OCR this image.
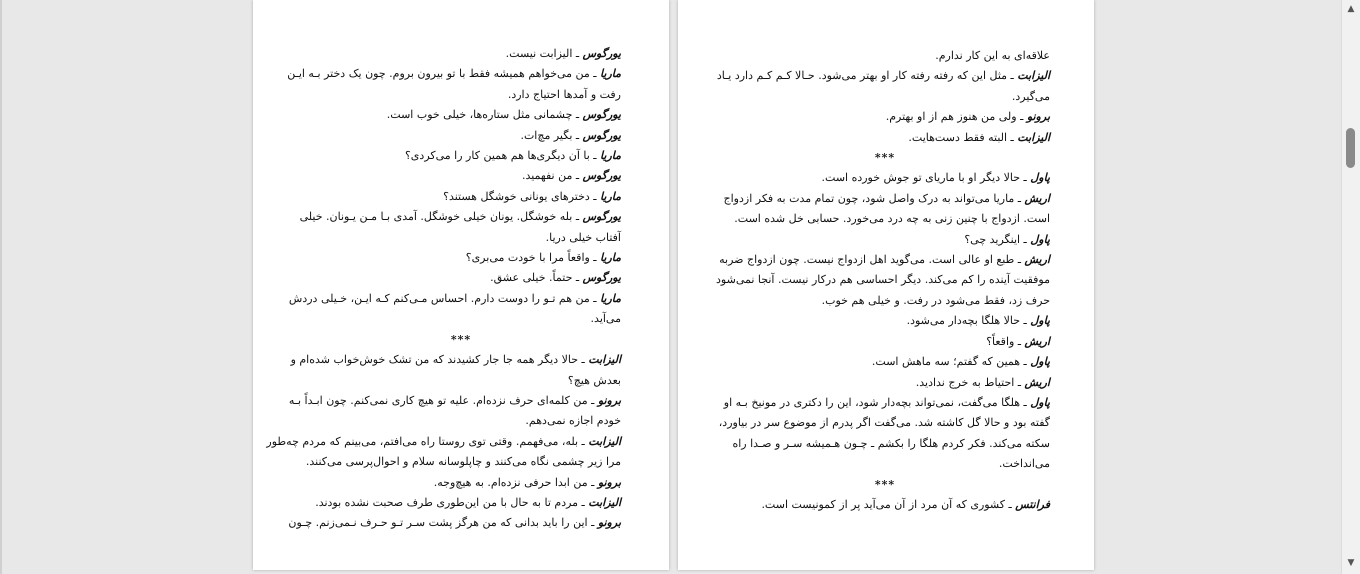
یورگوس ـ الیزابت نیست.
ماریا ـ من می‌خواهم همیشه فقط با تو بیرون بروم. چون یک دختر بـه ایـن
رفت و آمدها احتیاج دارد.
یورگوس ـ چشمانی مثل ستاره‌ها، خیلی خوب است.
یورگوس ـ بگیر مچ‌ات.
ماریا ـ با آن دیگری‌ها هم همین کار را می‌کردی؟
یورگوس ـ من نفهمید.
ماریا ـ دخترهای یونانی خوشگل هستند؟
یورگوس ـ بله خوشگل. یونان خیلی خوشگل. آمدی بـا مـن یـونان. خیلی
آفتاب خیلی دریا.
ماریا ـ واقعاً مرا با خودت می‌بری؟
یورگوس ـ حتماً. خیلی عشق.
ماریا ـ من هم تـو را دوست دارم. احساس مـی‌کنم کـه ایـن، خـیلی دردش
می‌آید.
***
الیزابت ـ حالا دیگر همه جا جار کشیدند که من تشک خوش‌خواب شده‌ام و
بعدش هیچ؟
برونو ـ من کلمه‌ای حرف نزده‌ام. علیه تو هیچ کاری نمی‌کنم. چون ابـداً بـه
خودم اجازه نمی‌دهم.
الیزابت ـ بله، می‌فهمم. وقتی توی روستا راه می‌افتم، می‌بینم که مردم چه‌طور
مرا زیر چشمی نگاه می‌کنند و چاپلوسانه سلام و احوال‌پرسی می‌کنند.
برونو ـ من ابدا حرفی نزده‌ام. به هیچ‌وجه.
الیزابت ـ مردم تا به حال با من این‌طوری طرف صحبت نشده بودند.
برونو ـ این را باید بدانی که من هرگز پشت سـر تـو حـرف نـمی‌زنم. چـون
علاقه‌ای به این کار ندارم.
الیزابت ـ مثل این که رفته رفته کار او بهتر می‌شود. حـالا کـم کـم دارد یـاد
می‌گیرد.
برونو ـ ولی من هنوز هم از او بهترم.
الیزابت ـ البته فقط دست‌هایت.
***
پاول ـ حالا دیگر او با ماریای تو جوش خورده است.
اریش ـ ماریا می‌تواند به درک واصل شود، چون تمام مدت به فکر ازدواج
است. ازدواج با چنین زنی به چه درد می‌خورد. حسابی خل شده است.
پاول ـ اینگرید چی؟
اریش ـ طبع او عالی است. می‌گوید اهل ازدواج نیست. چون ازدواج ضربه
موفقیت آینده را کم می‌کند. دیگر احساسی هم درکار نیست. آنجا نمی‌شود
حرف زد، فقط می‌شود در رفت. و خیلی هم خوب.
پاول ـ حالا هلگا بچه‌دار می‌شود.
اریش ـ واقعاً؟
پاول ـ همین که گفتم؛ سه ماهش است.
اریش ـ احتیاط به خرج ندادید.
پاول ـ هلگا می‌گفت، نمی‌تواند بچه‌دار شود، این را دکتری در مونیخ بـه او
گفته بود و حالا گل کاشته شد. می‌گفت اگر پدرم از موضوع سر در بیاورد،
سکته می‌کند. فکر کردم هلگا را بکشم ـ چـون هـمیشه سـر و صـدا راه
می‌انداخت.
***
فرانتس ـ کشوری که آن مرد از آن می‌آید پر از کمونیست است.
▲
▼
